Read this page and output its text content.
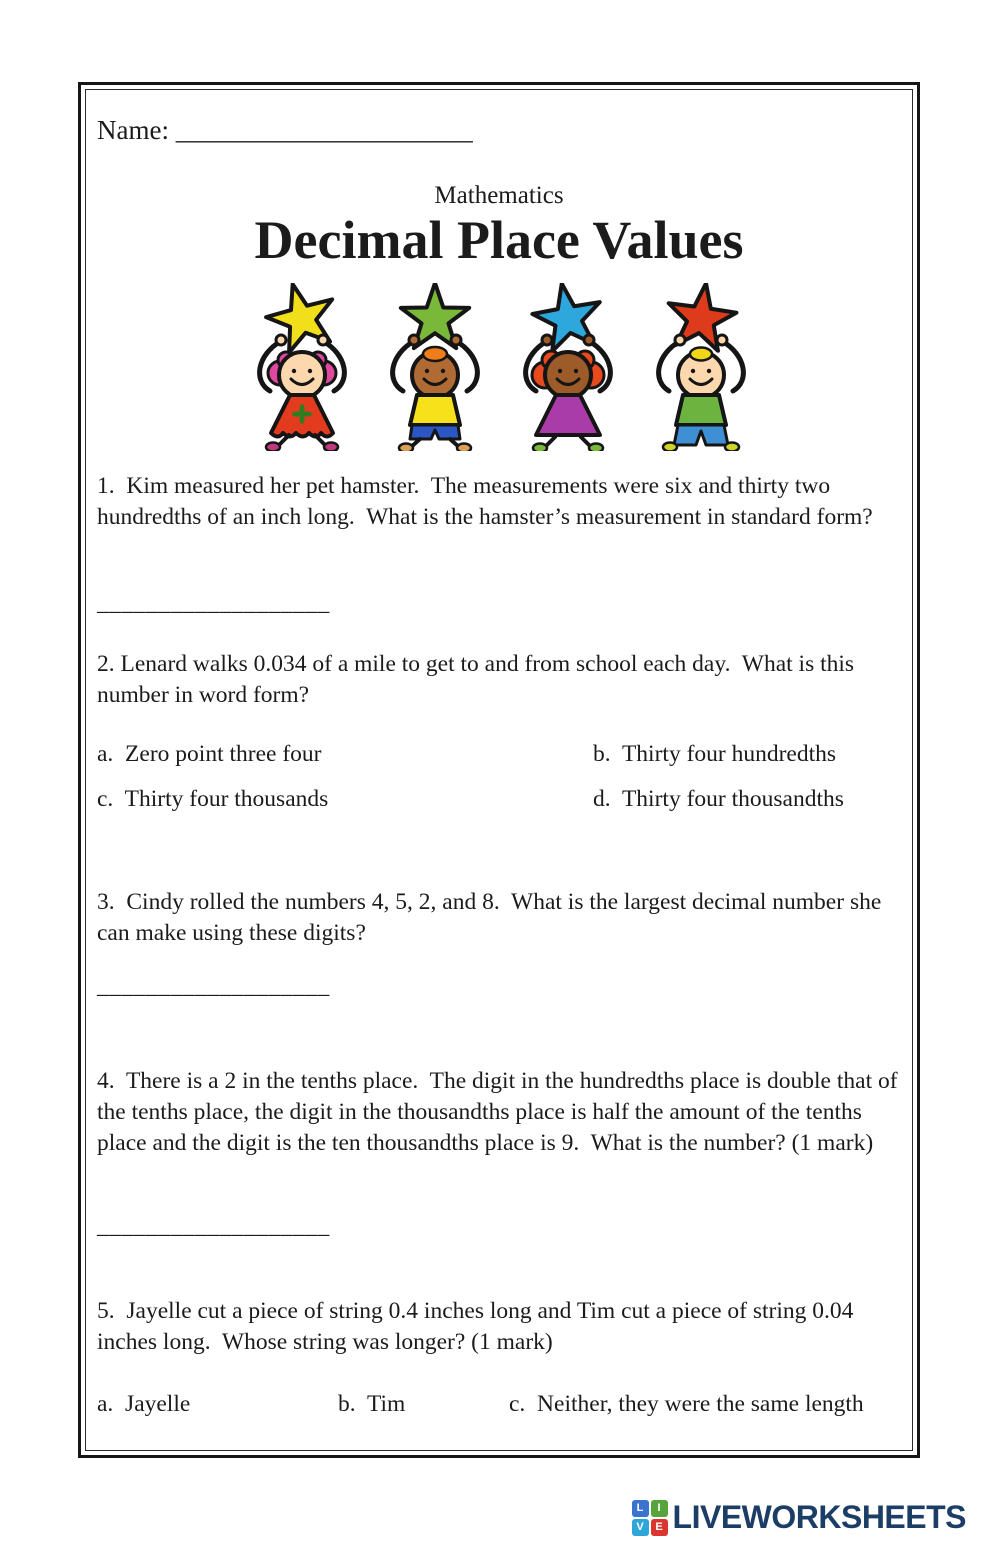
Name: ______________________
Mathematics
Decimal Place Values
1.  Kim measured her pet hamster.  The measurements were six and thirty two hundredths of an inch long.  What is the hamster’s measurement in standard form?
___________________
2. Lenard walks 0.034 of a mile to get to and from school each day.  What is this number in word form?
a.  Zero point three four	b.  Thirty four hundredths
c.  Thirty four thousands	d.  Thirty four thousandths
3.  Cindy rolled the numbers 4, 5, 2, and 8.  What is the largest decimal number she can make using these digits?
___________________
4.  There is a 2 in the tenths place.  The digit in the hundredths place is double that of the tenths place, the digit in the thousandths place is half the amount of the tenths place and the digit is the ten thousandths place is 9.  What is the number? (1 mark)
___________________
5.  Jayelle cut a piece of string 0.4 inches long and Tim cut a piece of string 0.04 inches long.  Whose string was longer? (1 mark)
a.  Jayelle	b.  Tim	c.  Neither, they were the same length
L	I
V	E LIVEWORKSHEETS
